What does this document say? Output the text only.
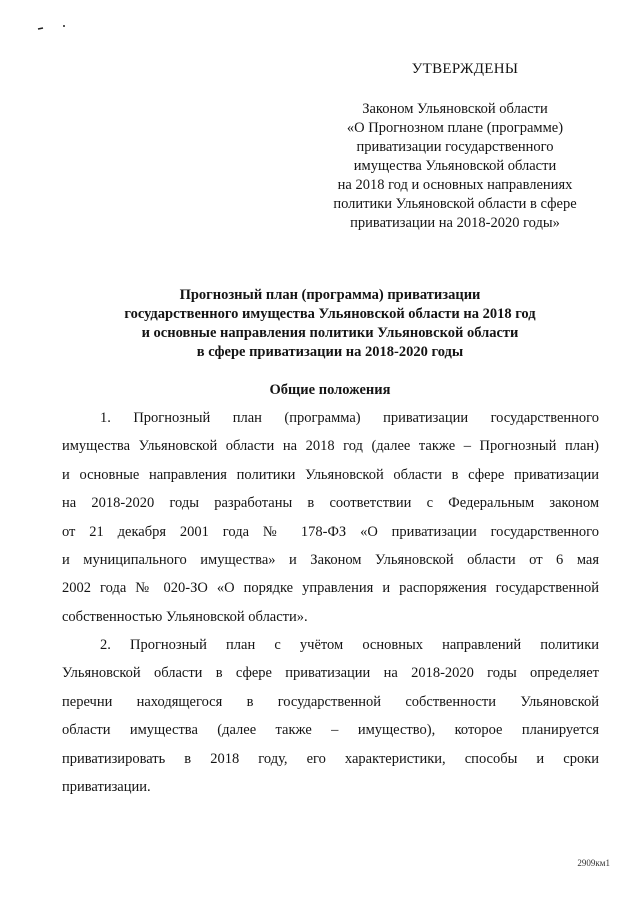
УТВЕРЖДЕНЫ
Законом Ульяновской области
«О Прогнозном плане (программе)
приватизации государственного
имущества Ульяновской области
на 2018 год и основных направлениях
политики Ульяновской области в сфере
приватизации на 2018-2020 годы»
Прогнозный план (программа) приватизации
государственного имущества Ульяновской области на 2018 год
и основные направления политики Ульяновской области
в сфере приватизации на 2018-2020 годы
Общие положения
1. Прогнозный план (программа) приватизации государственного
имущества Ульяновской области на 2018 год (далее также – Прогнозный план)
и основные направления политики Ульяновской области в сфере приватизации
на 2018-2020 годы разработаны в соответствии с Федеральным законом
от 21 декабря 2001 года № 178-ФЗ «О приватизации государственного
и муниципального имущества» и Законом Ульяновской области от 6 мая
2002 года № 020-ЗО «О порядке управления и распоряжения государственной
собственностью Ульяновской области».
2. Прогнозный план с учётом основных направлений политики
Ульяновской области в сфере приватизации на 2018-2020 годы определяет
перечни находящегося в государственной собственности Ульяновской
области имущества (далее также – имущество), которое планируется
приватизировать в 2018 году, его характеристики, способы и сроки
приватизации.
2909км1
